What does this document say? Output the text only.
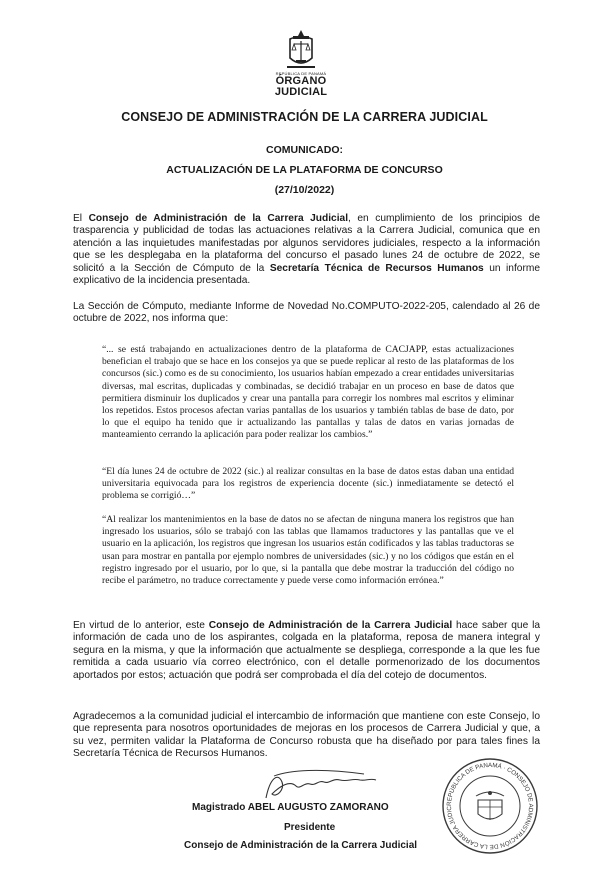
REPÚBLICA DE PANAMÁ
ÓRGANO
JUDICIAL
CONSEJO DE ADMINISTRACIÓN DE LA CARRERA JUDICIAL
COMUNICADO:
ACTUALIZACIÓN DE LA PLATAFORMA DE CONCURSO
(27/10/2022)
El Consejo de Administración de la Carrera Judicial, en cumplimiento de los principios de trasparencia y publicidad de todas las actuaciones relativas a la Carrera Judicial, comunica que en atención a las inquietudes manifestadas por algunos servidores judiciales, respecto a la información que se les desplegaba en la plataforma del concurso el pasado lunes 24 de octubre de 2022, se solicitó a la Sección de Cómputo de la Secretaría Técnica de Recursos Humanos un informe explicativo de la incidencia presentada.
La Sección de Cómputo, mediante Informe de Novedad No.COMPUTO-2022-205, calendado al 26 de octubre de 2022, nos informa que:
“... se está trabajando en actualizaciones dentro de la plataforma de CACJAPP, estas actualizaciones benefician el trabajo que se hace en los consejos ya que se puede replicar al resto de las plataformas de los concursos (sic.) como es de su conocimiento, los usuarios habían empezado a crear entidades universitarias diversas, mal escritas, duplicadas y combinadas, se decidió trabajar en un proceso en base de datos que permitiera disminuir los duplicados y crear una pantalla para corregir los nombres mal escritos y eliminar los repetidos. Estos procesos afectan varias pantallas de los usuarios y también tablas de base de dato, por lo que el equipo ha tenido que ir actualizando las pantallas y talas de datos en varias jornadas de manteamiento cerrando la aplicación para poder realizar los cambios.”
“El día lunes 24 de octubre de 2022 (sic.) al realizar consultas en la base de datos estas daban una entidad universitaria equivocada para los registros de experiencia docente (sic.) inmediatamente se detectó el problema se corrigió…”
“Al realizar los mantenimientos en la base de datos no se afectan de ninguna manera los registros que han ingresado los usuarios, sólo se trabajó con las tablas que llamamos traductores y las pantallas que ve el usuario en la aplicación, los registros que ingresan los usuarios están codificados y las tablas traductoras se usan para mostrar en pantalla por ejemplo nombres de universidades (sic.) y no los códigos que están en el registro ingresado por el usuario, por lo que, si la pantalla que debe mostrar la traducción del código no recibe el parámetro, no traduce correctamente y puede verse como información errónea.”
En virtud de lo anterior, este Consejo de Administración de la Carrera Judicial hace saber que la información de cada uno de los aspirantes, colgada en la plataforma, reposa de manera integral y segura en la misma, y que la información que actualmente se despliega, corresponde a la que les fue remitida a cada usuario vía correo electrónico, con el detalle pormenorizado de los documentos aportados por estos; actuación que podrá ser comprobada el día del cotejo de documentos.
Agradecemos a la comunidad judicial el intercambio de información que mantiene con este Consejo, lo que representa para nosotros oportunidades de mejoras en los procesos de Carrera Judicial y que, a su vez, permiten validar la Plataforma de Concurso robusta que ha diseñado por para tales fines la Secretaría Técnica de Recursos Humanos.
Magistrado ABEL AUGUSTO ZAMORANO
Presidente
Consejo de Administración de la Carrera Judicial
REPÚBLICA DE PANAMÁ · CONSEJO DE ADMINISTRACIÓN DE LA CARRERA JUDIC
